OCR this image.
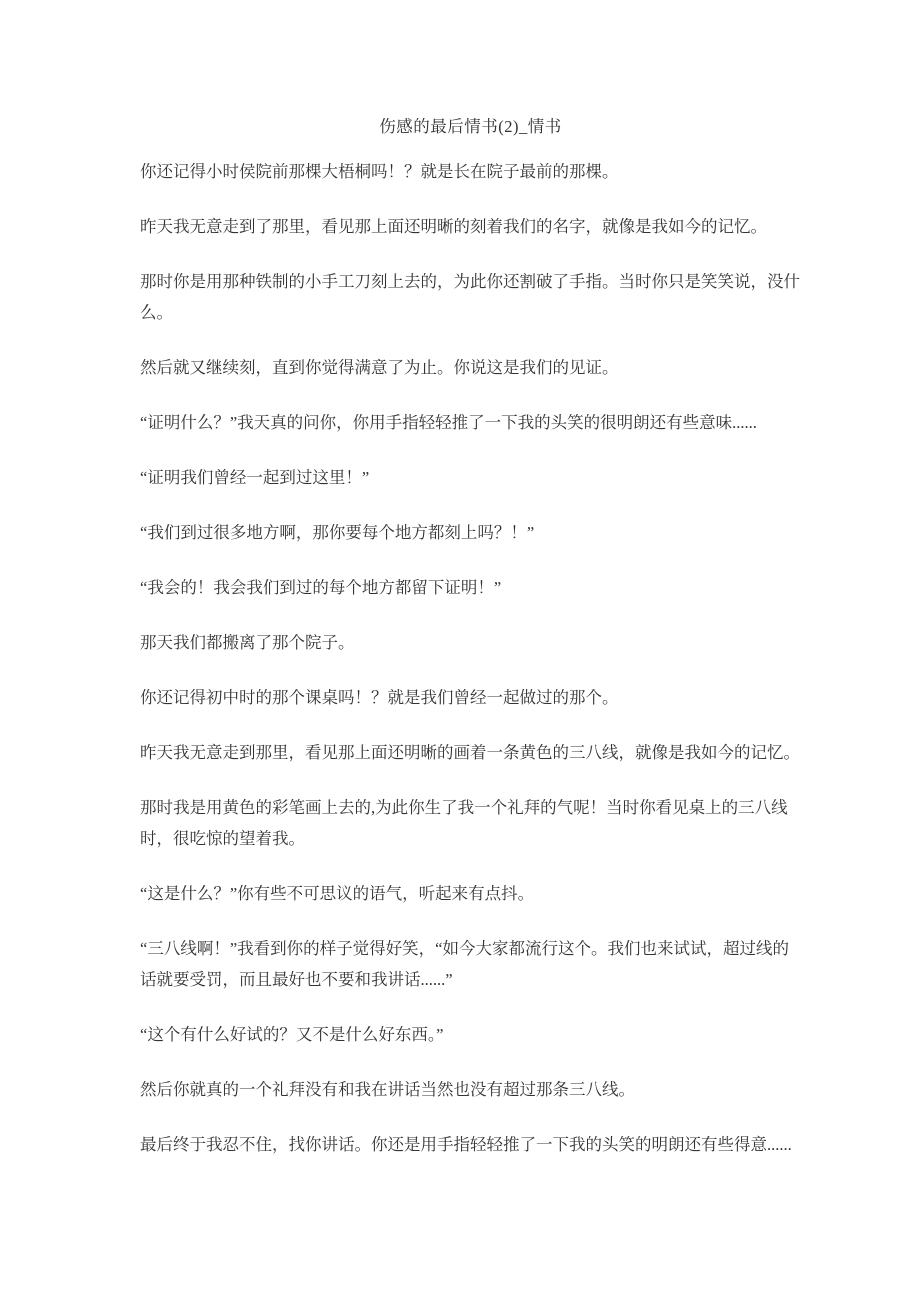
伤感的最后情书(2)_情书

你还记得小时侯院前那棵大梧桐吗！？就是长在院子最前的那棵。

昨天我无意走到了那里，看见那上面还明晰的刻着我们的名字，就像是我如今的记忆。

那时你是用那种铁制的小手工刀刻上去的，为此你还割破了手指。当时你只是笑笑说，没什么。

然后就又继续刻，直到你觉得满意了为止。你说这是我们的见证。

“证明什么？”我天真的问你，你用手指轻轻推了一下我的头笑的很明朗还有些意味......

“证明我们曾经一起到过这里！”

“我们到过很多地方啊，那你要每个地方都刻上吗？！”

“我会的！我会我们到过的每个地方都留下证明！”

那天我们都搬离了那个院子。

你还记得初中时的那个课桌吗！？就是我们曾经一起做过的那个。

昨天我无意走到那里，看见那上面还明晰的画着一条黄色的三八线，就像是我如今的记忆。

那时我是用黄色的彩笔画上去的,为此你生了我一个礼拜的气呢！当时你看见桌上的三八线时，很吃惊的望着我。

“这是什么？”你有些不可思议的语气，听起来有点抖。

“三八线啊！”我看到你的样子觉得好笑，“如今大家都流行这个。我们也来试试，超过线的话就要受罚，而且最好也不要和我讲话......”

“这个有什么好试的？又不是什么好东西。”

然后你就真的一个礼拜没有和我在讲话当然也没有超过那条三八线。

最后终于我忍不住，找你讲话。你还是用手指轻轻推了一下我的头笑的明朗还有些得意......
